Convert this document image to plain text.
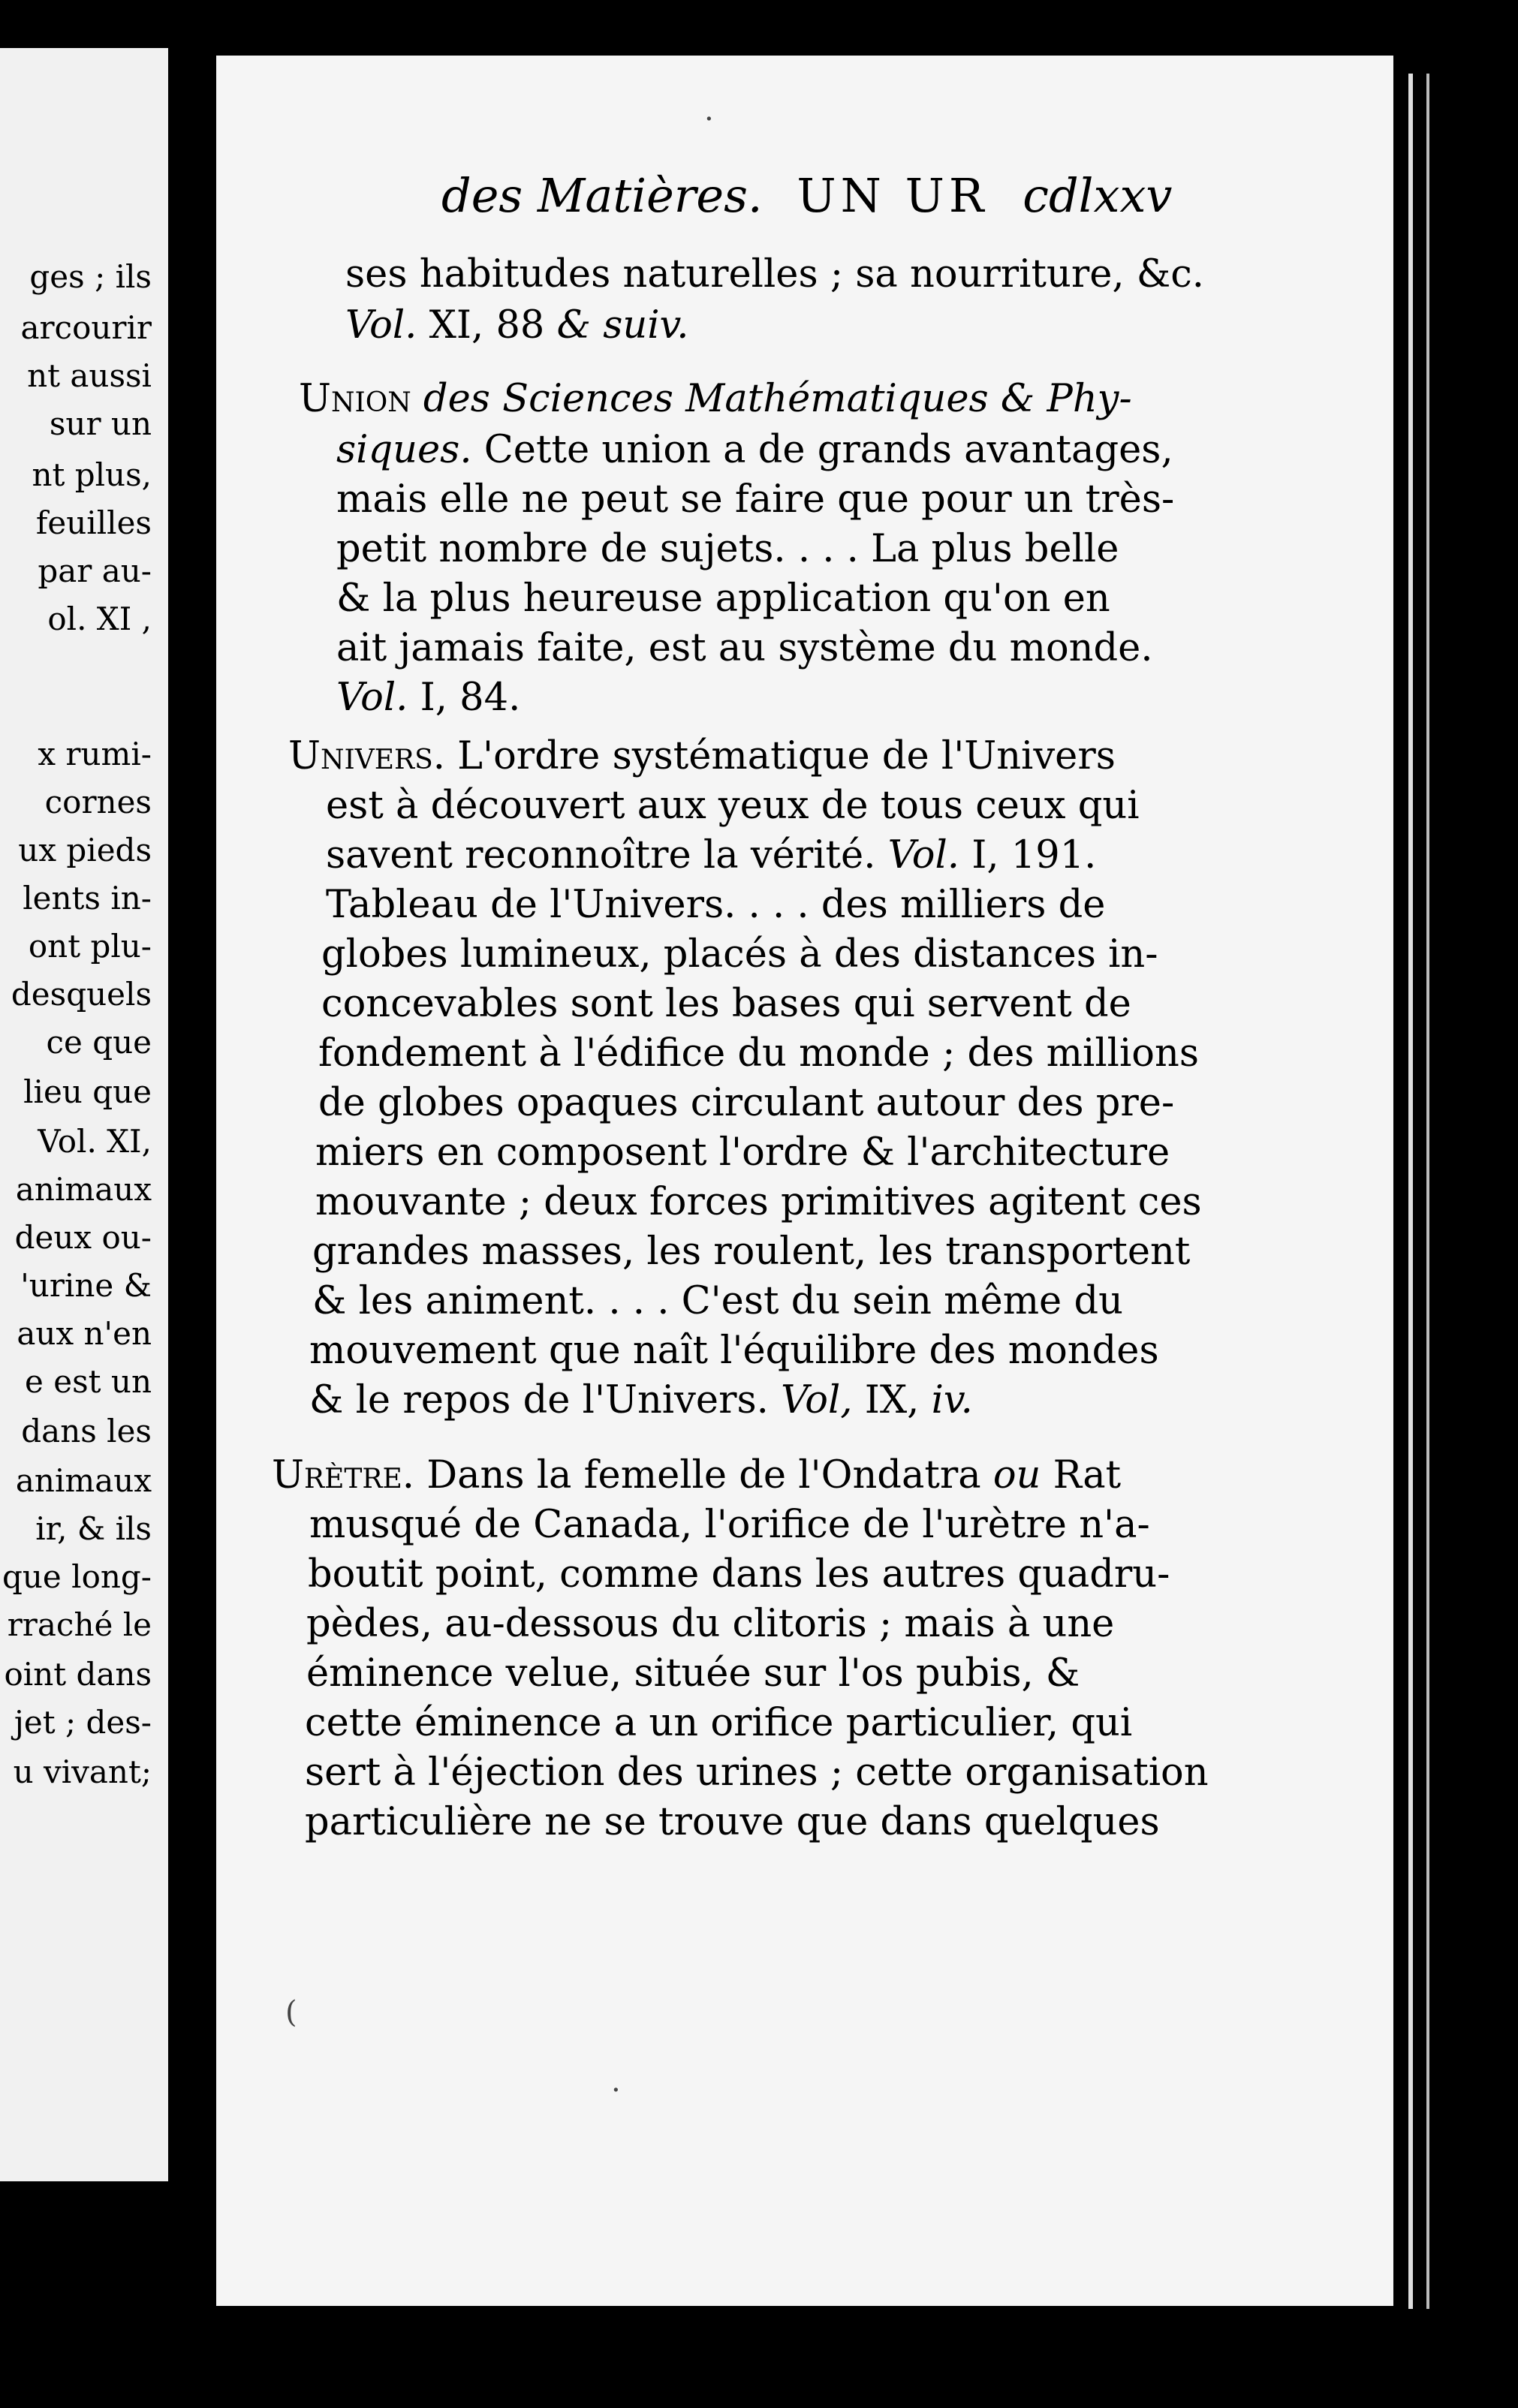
ges ; ils
arcourir
nt aussi
sur un
nt plus,
feuilles
par au-
ol. XI ,
x rumi-
cornes
ux pieds
lents in-
ont plu-
desquels
ce que
lieu que
Vol. XI,
animaux
deux ou-
'urine &
aux n'en
e est un
dans les
animaux
ir, & ils
que long-
rraché le
oint dans
jet ; des-
u vivant;
.
des Matières. UN UR cdlxxv
ses habitudes naturelles ; sa nourriture, &c.
Vol. XI, 88 & suiv.
Union des Sciences Mathématiques & Phy-
siques. Cette union a de grands avantages,
mais elle ne peut se faire que pour un très-
petit nombre de sujets. . . . La plus belle
& la plus heureuse application qu'on en
ait jamais faite, est au système du monde.
Vol. I, 84.
Univers. L'ordre systématique de l'Univers
est à découvert aux yeux de tous ceux qui
savent reconnoître la vérité. Vol. I, 191.
Tableau de l'Univers. . . . des milliers de
globes lumineux, placés à des distances in-
concevables sont les bases qui servent de
fondement à l'édifice du monde ; des millions
de globes opaques circulant autour des pre-
miers en composent l'ordre & l'architecture
mouvante ; deux forces primitives agitent ces
grandes masses, les roulent, les transportent
& les animent. . . . C'est du sein même du
mouvement que naît l'équilibre des mondes
& le repos de l'Univers. Vol, IX, iv.
Urètre. Dans la femelle de l'Ondatra ou Rat
musqué de Canada, l'orifice de l'urètre n'a-
boutit point, comme dans les autres quadru-
pèdes, au-dessous du clitoris ; mais à une
éminence velue, située sur l'os pubis, &
cette éminence a un orifice particulier, qui
sert à l'éjection des urines ; cette organisation
particulière ne se trouve que dans quelques
(
.
